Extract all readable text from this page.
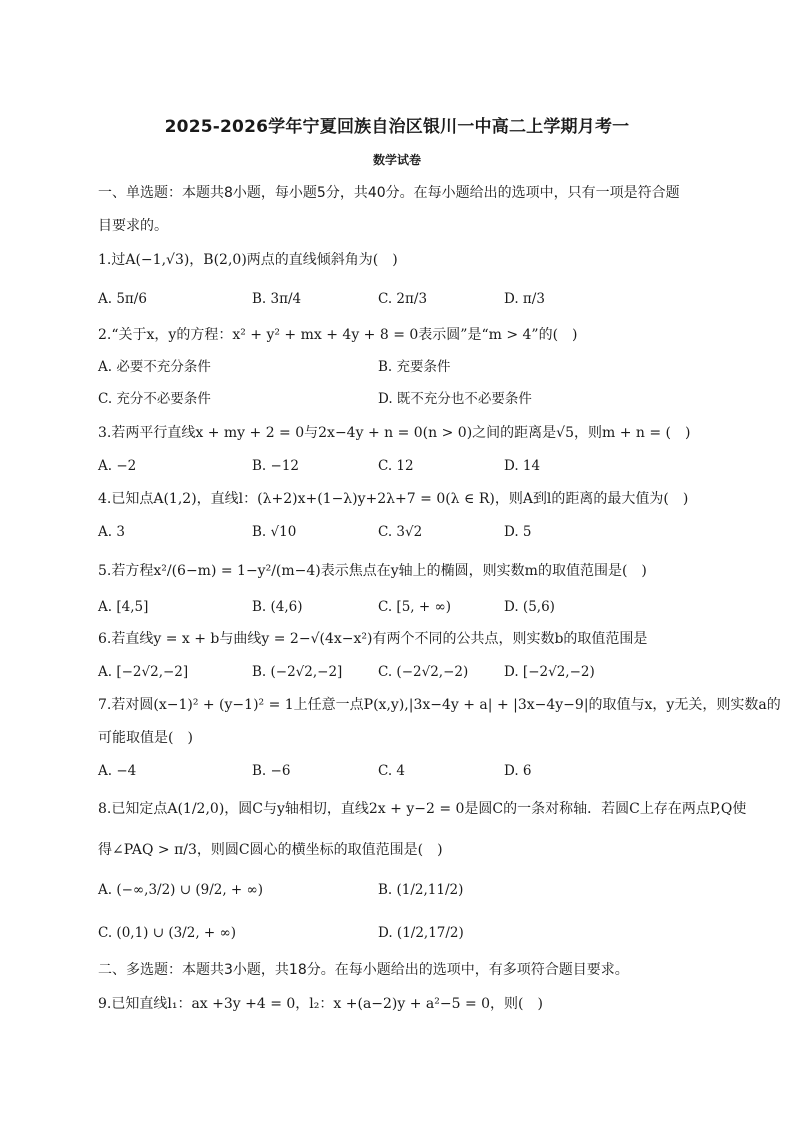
2025-2026学年宁夏回族自治区银川一中高二上学期月考一
数学试卷
一、单选题：本题共8小题，每小题5分，共40分。在每小题给出的选项中，只有一项是符合题
目要求的。
1.过A(−1,√3)，B(2,0)两点的直线倾斜角为(　)
A. 5π/6	B. 3π/4	C. 2π/3	D. π/3
2.“关于x，y的方程：x² + y² + mx + 4y + 8 = 0表示圆”是“m > 4”的(　)
A. 必要不充分条件	B. 充要条件
C. 充分不必要条件	D. 既不充分也不必要条件
3.若两平行直线x + my + 2 = 0与2x−4y + n = 0(n > 0)之间的距离是√5，则m + n = (　)
A. −2	B. −12	C. 12	D. 14
4.已知点A(1,2)，直线l：(λ+2)x+(1−λ)y+2λ+7 = 0(λ ∈ R)，则A到l的距离的最大值为(　)
A. 3	B. √10	C. 3√2	D. 5
5.若方程x²/(6−m) = 1−y²/(m−4)表示焦点在y轴上的椭圆，则实数m的取值范围是(　)
A. [4,5]	B. (4,6)	C. [5, + ∞)	D. (5,6)
6.若直线y = x + b与曲线y = 2−√(4x−x²)有两个不同的公共点，则实数b的取值范围是
A. [−2√2,−2]	B. (−2√2,−2]	C. (−2√2,−2)	D. [−2√2,−2)
7.若对圆(x−1)² + (y−1)² = 1上任意一点P(x,y),|3x−4y + a| + |3x−4y−9|的取值与x，y无关，则实数a的
可能取值是(　)
A. −4	B. −6	C. 4	D. 6
8.已知定点A(1/2,0)，圆C与y轴相切，直线2x + y−2 = 0是圆C的一条对称轴．若圆C上存在两点P,Q使
得∠PAQ > π/3，则圆C圆心的横坐标的取值范围是(　)
A. (−∞,3/2) ∪ (9/2, + ∞)	B. (1/2,11/2)
C. (0,1) ∪ (3/2, + ∞)	D. (1/2,17/2)
二、多选题：本题共3小题，共18分。在每小题给出的选项中，有多项符合题目要求。
9.已知直线l₁：ax +3y +4 = 0，l₂：x +(a−2)y + a²−5 = 0，则(　)
